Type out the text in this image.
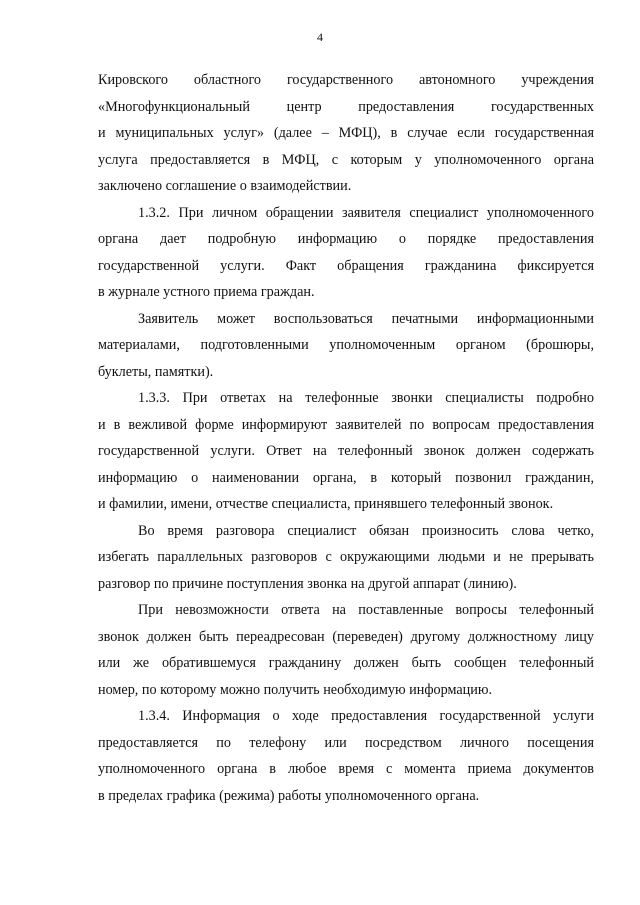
4

Кировского областного государственного автономного учреждения
«Многофункциональный центр предоставления государственных
и муниципальных услуг» (далее – МФЦ), в случае если государственная
услуга предоставляется в МФЦ, с которым у уполномоченного органа
заключено соглашение о взаимодействии.

1.3.2. При личном обращении заявителя специалист уполномоченного
органа дает подробную информацию о порядке предоставления
государственной услуги. Факт обращения гражданина фиксируется
в журнале устного приема граждан.

Заявитель может воспользоваться печатными информационными
материалами, подготовленными уполномоченным органом (брошюры,
буклеты, памятки).

1.3.3. При ответах на телефонные звонки специалисты подробно
и в вежливой форме информируют заявителей по вопросам предоставления
государственной услуги. Ответ на телефонный звонок должен содержать
информацию о наименовании органа, в который позвонил гражданин,
и фамилии, имени, отчестве специалиста, принявшего телефонный звонок.

Во время разговора специалист обязан произносить слова четко,
избегать параллельных разговоров с окружающими людьми и не прерывать
разговор по причине поступления звонка на другой аппарат (линию).

При невозможности ответа на поставленные вопросы телефонный
звонок должен быть переадресован (переведен) другому должностному лицу
или же обратившемуся гражданину должен быть сообщен телефонный
номер, по которому можно получить необходимую информацию.

1.3.4. Информация о ходе предоставления государственной услуги
предоставляется по телефону или посредством личного посещения
уполномоченного органа в любое время с момента приема документов
в пределах графика (режима) работы уполномоченного органа.
